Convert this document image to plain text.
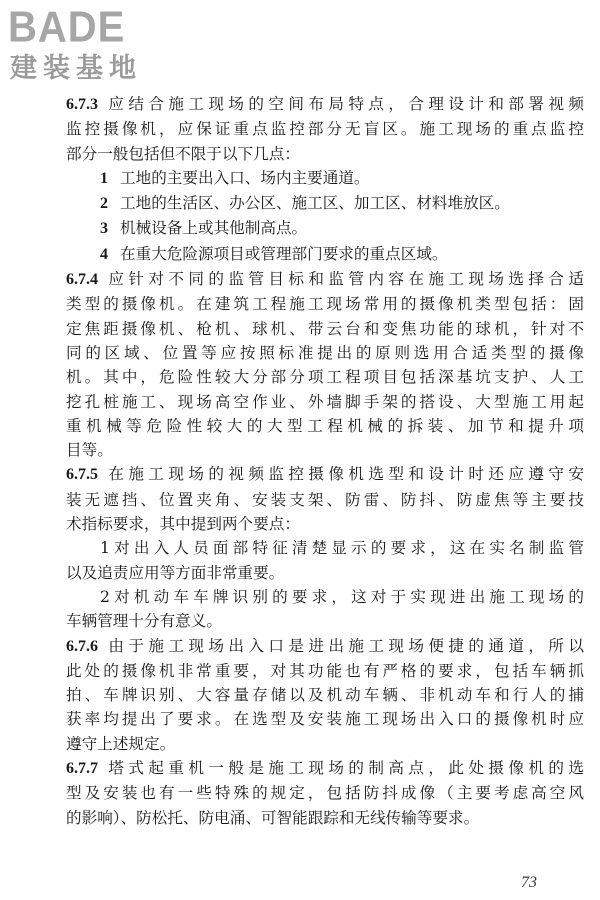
BADE
建装基地

6.7.3 应结合施工现场的空间布局特点，合理设计和部署视频

监控摄像机，应保证重点监控部分无盲区。施工现场的重点监控

部分一般包括但不限于以下几点：

1 工地的主要出入口、场内主要通道。

2 工地的生活区、办公区、施工区、加工区、材料堆放区。

3 机械设备上或其他制高点。

4 在重大危险源项目或管理部门要求的重点区域。

6.7.4 应针对不同的监管目标和监管内容在施工现场选择合适

类型的摄像机。在建筑工程施工现场常用的摄像机类型包括：固

定焦距摄像机、枪机、球机、带云台和变焦功能的球机，针对不

同的区域、位置等应按照标准提出的原则选用合适类型的摄像

机。其中，危险性较大分部分项工程项目包括深基坑支护、人工

挖孔桩施工、现场高空作业、外墙脚手架的搭设、大型施工用起

重机械等危险性较大的大型工程机械的拆装、加节和提升项

目等。

6.7.5 在施工现场的视频监控摄像机选型和设计时还应遵守安

装无遮挡、位置夹角、安装支架、防雷、防抖、防虚焦等主要技

术指标要求，其中提到两个要点：

1对出入人员面部特征清楚显示的要求，这在实名制监管

以及追责应用等方面非常重要。

2对机动车车牌识别的要求，这对于实现进出施工现场的

车辆管理十分有意义。

6.7.6 由于施工现场出入口是进出施工现场便捷的通道，所以

此处的摄像机非常重要，对其功能也有严格的要求，包括车辆抓

拍、车牌识别、大容量存储以及机动车辆、非机动车和行人的捕

获率均提出了要求。在选型及安装施工现场出入口的摄像机时应

遵守上述规定。

6.7.7 塔式起重机一般是施工现场的制高点，此处摄像机的选

型及安装也有一些特殊的规定，包括防抖成像（主要考虑高空风

的影响）、防松托、防电涌、可智能跟踪和无线传输等要求。

73
